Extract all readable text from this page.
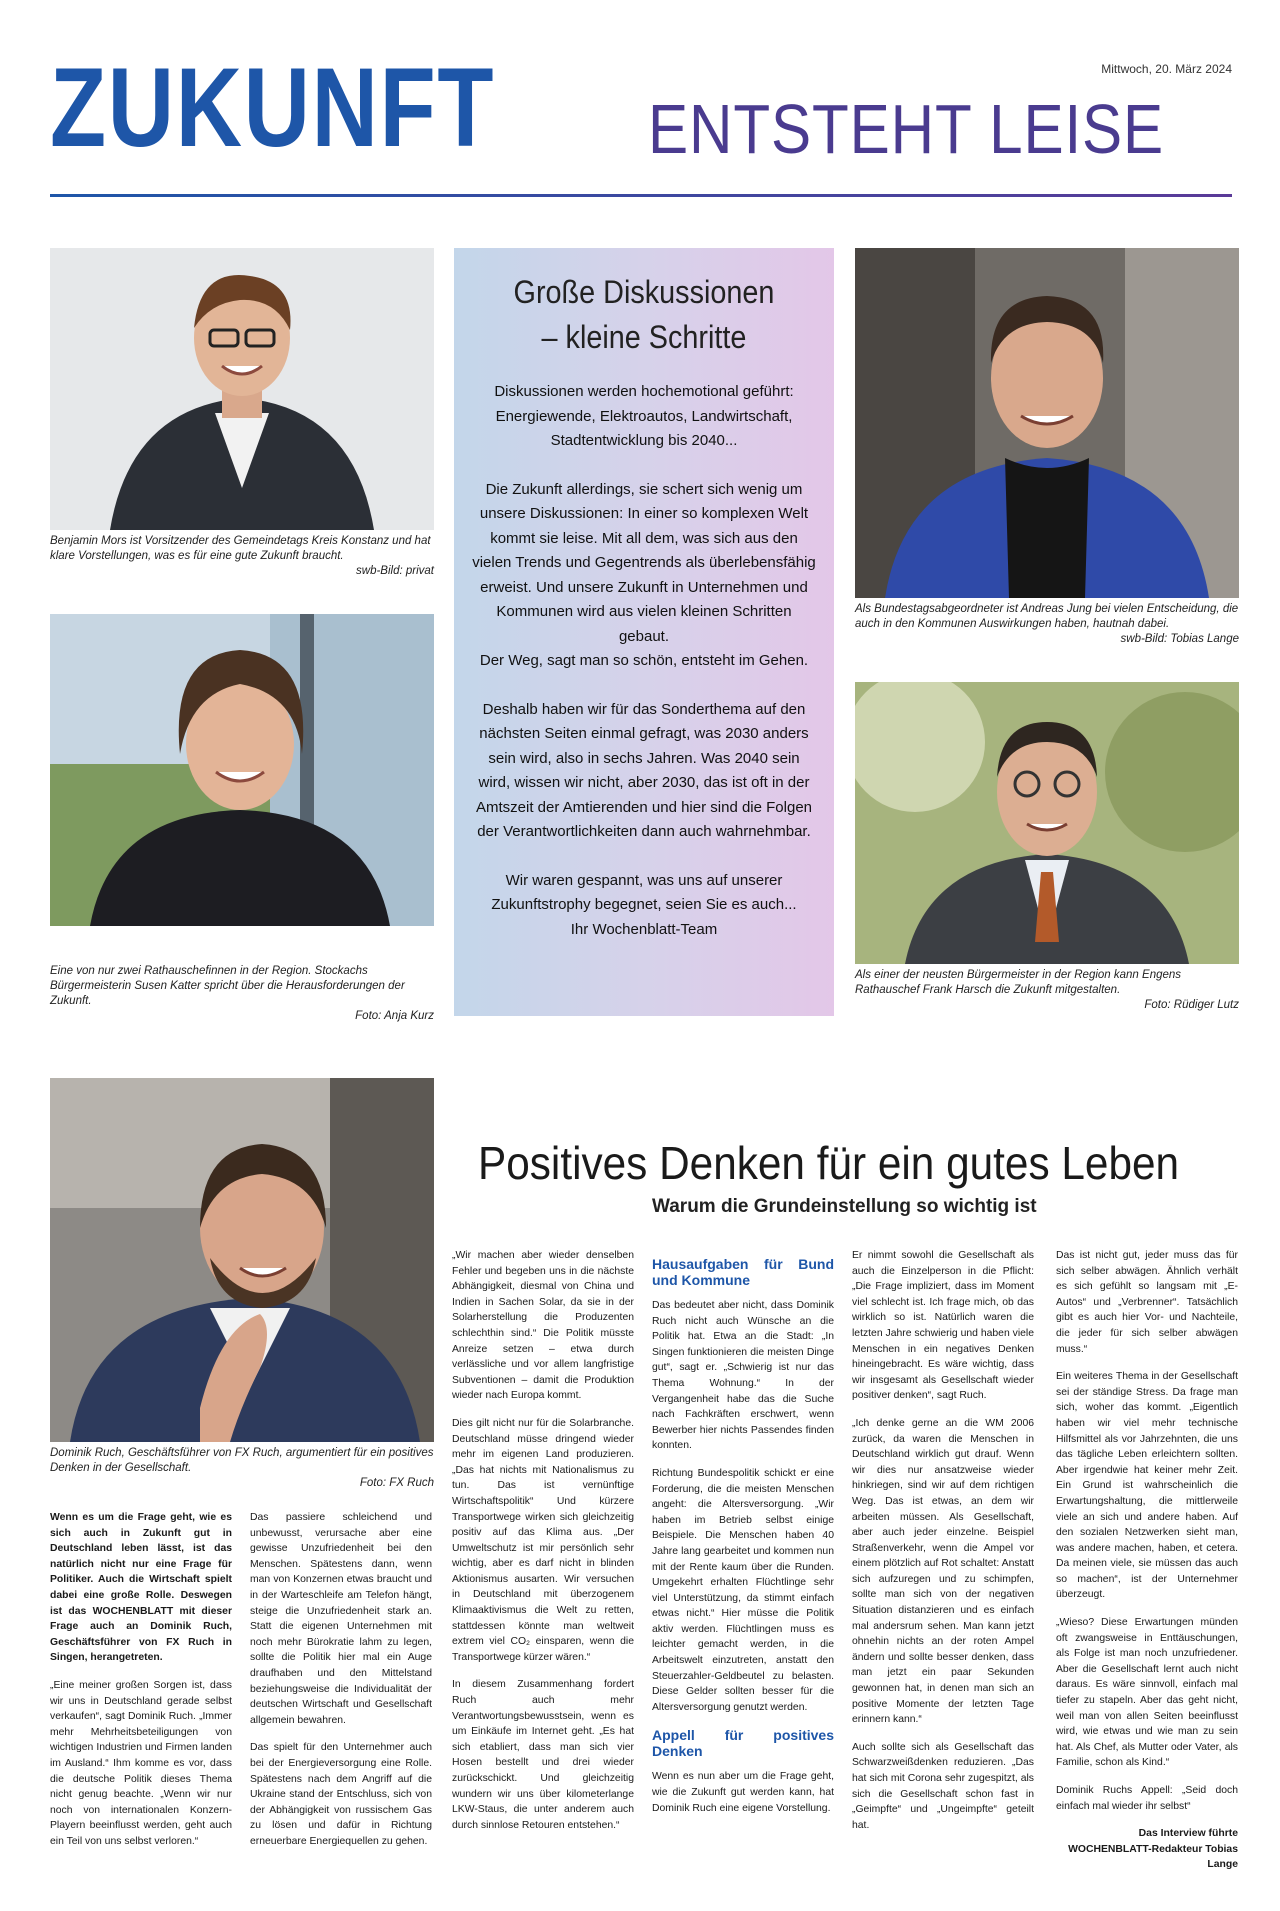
ZUKUNFT ENTSTEHT LEISE
Mittwoch, 20. März 2024
Benjamin Mors ist Vorsitzender des Gemeindetags Kreis Konstanz und hat klare Vorstellungen, was es für eine gute Zukunft braucht.
swb-Bild: privat
Eine von nur zwei Rathauschefinnen in der Region. Stockachs Bürgermeisterin Susen Katter spricht über die Herausforderungen der Zukunft.
Foto: Anja Kurz
Große Diskussionen
– kleine Schritte

Diskussionen werden hochemotional geführt: Energiewende, Elektroautos, Landwirtschaft, Stadtentwicklung bis 2040...

Die Zukunft allerdings, sie schert sich wenig um unsere Diskussionen: In einer so komplexen Welt kommt sie leise. Mit all dem, was sich aus den vielen Trends und Gegentrends als überlebensfähig erweist. Und unsere Zukunft in Unternehmen und Kommunen wird aus vielen kleinen Schritten gebaut.

Der Weg, sagt man so schön, entsteht im Gehen.

Deshalb haben wir für das Sonderthema auf den nächsten Seiten einmal gefragt, was 2030 anders sein wird, also in sechs Jahren. Was 2040 sein wird, wissen wir nicht, aber 2030, das ist oft in der Amtszeit der Amtierenden und hier sind die Folgen der Verantwortlichkeiten dann auch wahrnehmbar.

Wir waren gespannt, was uns auf unserer Zukunftstrophy begegnet, seien Sie es auch...

Ihr Wochenblatt-Team

Als Bundestagsabgeordneter ist Andreas Jung bei vielen Entscheidung, die auch in den Kommunen Auswirkungen haben, hautnah dabei.
swb-Bild: Tobias Lange
Als einer der neusten Bürgermeister in der Region kann Engens Rathauschef Frank Harsch die Zukunft mitgestalten.
Foto: Rüdiger Lutz
Dominik Ruch, Geschäftsführer von FX Ruch, argumentiert für ein positives Denken in der Gesellschaft.
Foto: FX Ruch
Positives Denken für ein gutes Leben
Warum die Grundeinstellung so wichtig ist

Wenn es um die Frage geht, wie es sich auch in Zukunft gut in Deutschland leben lässt, ist das natürlich nicht nur eine Frage für Politiker. Auch die Wirtschaft spielt dabei eine große Rolle. Deswegen ist das WOCHENBLATT mit dieser Frage auch an Dominik Ruch, Geschäftsführer von FX Ruch in Singen, herangetreten.

„Eine meiner großen Sorgen ist, dass wir uns in Deutschland gerade selbst verkaufen“, sagt Dominik Ruch. „Immer mehr Mehrheitsbeteiligungen von wichtigen Industrien und Firmen landen im Ausland.“ Ihm komme es vor, dass die deutsche Politik dieses Thema nicht genug beachte. „Wenn wir nur noch von internationalen Konzern-Playern beeinflusst werden, geht auch ein Teil von uns selbst verloren.“

Das passiere schleichend und unbewusst, verursache aber eine gewisse Unzufriedenheit bei den Menschen. Spätestens dann, wenn man von Konzernen etwas braucht und in der Warteschleife am Telefon hängt, steige die Unzufriedenheit stark an. Statt die eigenen Unternehmen mit noch mehr Bürokratie lahm zu legen, sollte die Politik hier mal ein Auge draufhaben und den Mittelstand beziehungsweise die Individualität der deutschen Wirtschaft und Gesellschaft allgemein bewahren.

Das spielt für den Unternehmer auch bei der Energieversorgung eine Rolle. Spätestens nach dem Angriff auf die Ukraine stand der Entschluss, sich von der Abhängigkeit von russischem Gas zu lösen und dafür in Richtung erneuerbare Energiequellen zu gehen.

„Wir machen aber wieder denselben Fehler und begeben uns in die nächste Abhängigkeit, diesmal von China und Indien in Sachen Solar, da sie in der Solarherstellung die Produzenten schlechthin sind.“ Die Politik müsste Anreize setzen – etwa durch verlässliche und vor allem langfristige Subventionen – damit die Produktion wieder nach Europa kommt.

Dies gilt nicht nur für die Solarbranche. Deutschland müsse dringend wieder mehr im eigenen Land produzieren. „Das hat nichts mit Nationalismus zu tun. Das ist vernünftige Wirtschaftspolitik“ Und kürzere Transportwege wirken sich gleichzeitig positiv auf das Klima aus. „Der Umweltschutz ist mir persönlich sehr wichtig, aber es darf nicht in blinden Aktionismus ausarten. Wir versuchen in Deutschland mit überzogenem Klimaaktivismus die Welt zu retten, stattdessen könnte man weltweit extrem viel CO₂ einsparen, wenn die Transportwege kürzer wären.“

In diesem Zusammenhang fordert Ruch auch mehr Verantwortungsbewusstsein, wenn es um Einkäufe im Internet geht. „Es hat sich etabliert, dass man sich vier Hosen bestellt und drei wieder zurückschickt. Und gleichzeitig wundern wir uns über kilometerlange LKW-Staus, die unter anderem auch durch sinnlose Retouren entstehen.“

Hausaufgaben für Bund und Kommune

Das bedeutet aber nicht, dass Dominik Ruch nicht auch Wünsche an die Politik hat. Etwa an die Stadt: „In Singen funktionieren die meisten Dinge gut“, sagt er. „Schwierig ist nur das Thema Wohnung.“ In der Vergangenheit habe das die Suche nach Fachkräften erschwert, wenn Bewerber hier nichts Passendes finden konnten.

Richtung Bundespolitik schickt er eine Forderung, die die meisten Menschen angeht: die Altersversorgung. „Wir haben im Betrieb selbst einige Beispiele. Die Menschen haben 40 Jahre lang gearbeitet und kommen nun mit der Rente kaum über die Runden. Umgekehrt erhalten Flüchtlinge sehr viel Unterstützung, da stimmt einfach etwas nicht.“ Hier müsse die Politik aktiv werden. Flüchtlingen muss es leichter gemacht werden, in die Arbeitswelt einzutreten, anstatt den Steuerzahler-Geldbeutel zu belasten. Diese Gelder sollten besser für die Altersversorgung genutzt werden.

Appell für positives Denken

Wenn es nun aber um die Frage geht, wie die Zukunft gut werden kann, hat Dominik Ruch eine eigene Vorstellung.

Er nimmt sowohl die Gesellschaft als auch die Einzelperson in die Pflicht: „Die Frage impliziert, dass im Moment viel schlecht ist. Ich frage mich, ob das wirklich so ist. Natürlich waren die letzten Jahre schwierig und haben viele Menschen in ein negatives Denken hineingebracht. Es wäre wichtig, dass wir insgesamt als Gesellschaft wieder positiver denken“, sagt Ruch.

„Ich denke gerne an die WM 2006 zurück, da waren die Menschen in Deutschland wirklich gut drauf. Wenn wir dies nur ansatzweise wieder hinkriegen, sind wir auf dem richtigen Weg. Das ist etwas, an dem wir arbeiten müssen. Als Gesellschaft, aber auch jeder einzelne. Beispiel Straßenverkehr, wenn die Ampel vor einem plötzlich auf Rot schaltet: Anstatt sich aufzuregen und zu schimpfen, sollte man sich von der negativen Situation distanzieren und es einfach mal andersrum sehen. Man kann jetzt ohnehin nichts an der roten Ampel ändern und sollte besser denken, dass man jetzt ein paar Sekunden gewonnen hat, in denen man sich an positive Momente der letzten Tage erinnern kann.“

Auch sollte sich als Gesellschaft das Schwarzweißdenken reduzieren. „Das hat sich mit Corona sehr zugespitzt, als sich die Gesellschaft schon fast in „Geimpfte“ und „Ungeimpfte“ geteilt hat.

Das ist nicht gut, jeder muss das für sich selber abwägen. Ähnlich verhält es sich gefühlt so langsam mit „E-Autos“ und „Verbrenner“. Tatsächlich gibt es auch hier Vor- und Nachteile, die jeder für sich selber abwägen muss.“

Ein weiteres Thema in der Gesellschaft sei der ständige Stress. Da frage man sich, woher das kommt. „Eigentlich haben wir viel mehr technische Hilfsmittel als vor Jahrzehnten, die uns das tägliche Leben erleichtern sollten. Aber irgendwie hat keiner mehr Zeit. Ein Grund ist wahrscheinlich die Erwartungshaltung, die mittlerweile viele an sich und andere haben. Auf den sozialen Netzwerken sieht man, was andere machen, haben, et cetera. Da meinen viele, sie müssen das auch so machen“, ist der Unternehmer überzeugt.

„Wieso? Diese Erwartungen münden oft zwangsweise in Enttäuschungen, als Folge ist man noch unzufriedener. Aber die Gesellschaft lernt auch nicht daraus. Es wäre sinnvoll, einfach mal tiefer zu stapeln. Aber das geht nicht, weil man von allen Seiten beeinflusst wird, wie etwas und wie man zu sein hat. Als Chef, als Mutter oder Vater, als Familie, schon als Kind.“

Dominik Ruchs Appell: „Seid doch einfach mal wieder ihr selbst“

Das Interview führte WOCHENBLATT-Redakteur Tobias Lange
